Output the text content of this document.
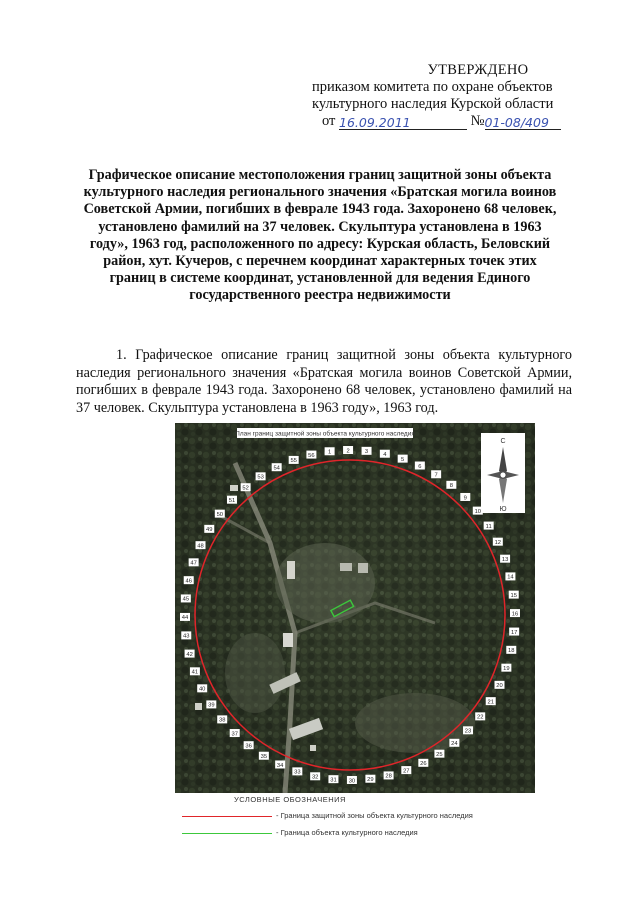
УТВЕРЖДЕНО
приказом комитета по охране объектов
культурного наследия Курской области
от 16.09.2011	№01-08/409
Графическое описание местоположения границ защитной зоны объекта культурного наследия регионального значения «Братская могила воинов Советской Армии, погибших в феврале 1943 года. Захоронено 68 человек, установлено фамилий на 37 человек. Скульптура установлена в 1963 году», 1963 год, расположенного по адресу: Курская область, Беловский район, хут. Кучеров, с перечнем координат характерных точек этих границ в системе координат, установленной для ведения Единого государственного реестра недвижимости
1. Графическое описание границ защитной зоны объекта культурного наследия регионального значения «Братская могила воинов Советской Армии, погибших в феврале 1943 года. Захоронено 68 человек, установлено фамилий на 37 человек. Скульптура установлена в 1963 году», 1963 год.
План границ защитной зоны объекта культурного наследия
1	2	3	4
5
6
7
8
9
10
11
12
13
14
15
16
17
18
19
20
21
22
23
24
25
26
27
28
29
30
31
32
33
34
35
36
37
38
39
40
41
42
43
44
45
46
47
48
49
50
51
52
53
54
55
56
С
Ю
УСЛОВНЫЕ ОБОЗНАЧЕНИЯ
- Граница защитной зоны объекта культурного наследия
- Граница объекта культурного наследия
